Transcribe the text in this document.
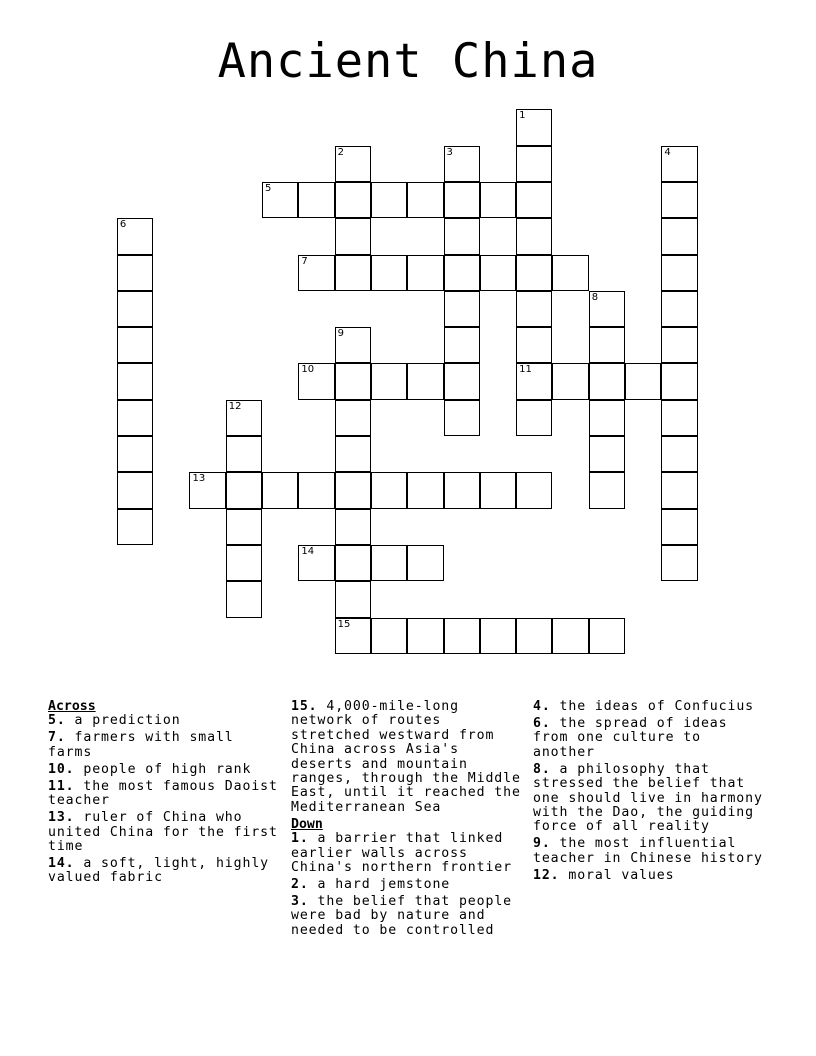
Ancient China
1
11
2	3	4
5
6
7
8
9
15
10
12
13
14
Across
5. a prediction
7. farmers with small farms
10. people of high rank
11. the most famous Daoist teacher
13. ruler of China who united China for the first time
14. a soft, light, highly valued fabric
15. 4,000-mile-long network of routes stretched westward from China across Asia's deserts and mountain ranges, through the Middle East, until it reached the Mediterranean Sea
Down
1. a barrier that linked earlier walls across China's northern frontier
2. a hard jemstone
3. the belief that people were bad by nature and needed to be controlled
4. the ideas of Confucius
6. the spread of ideas from one culture to another
8. a philosophy that stressed the belief that one should live in harmony with the Dao, the guiding force of all reality
9. the most influential teacher in Chinese history
12. moral values
